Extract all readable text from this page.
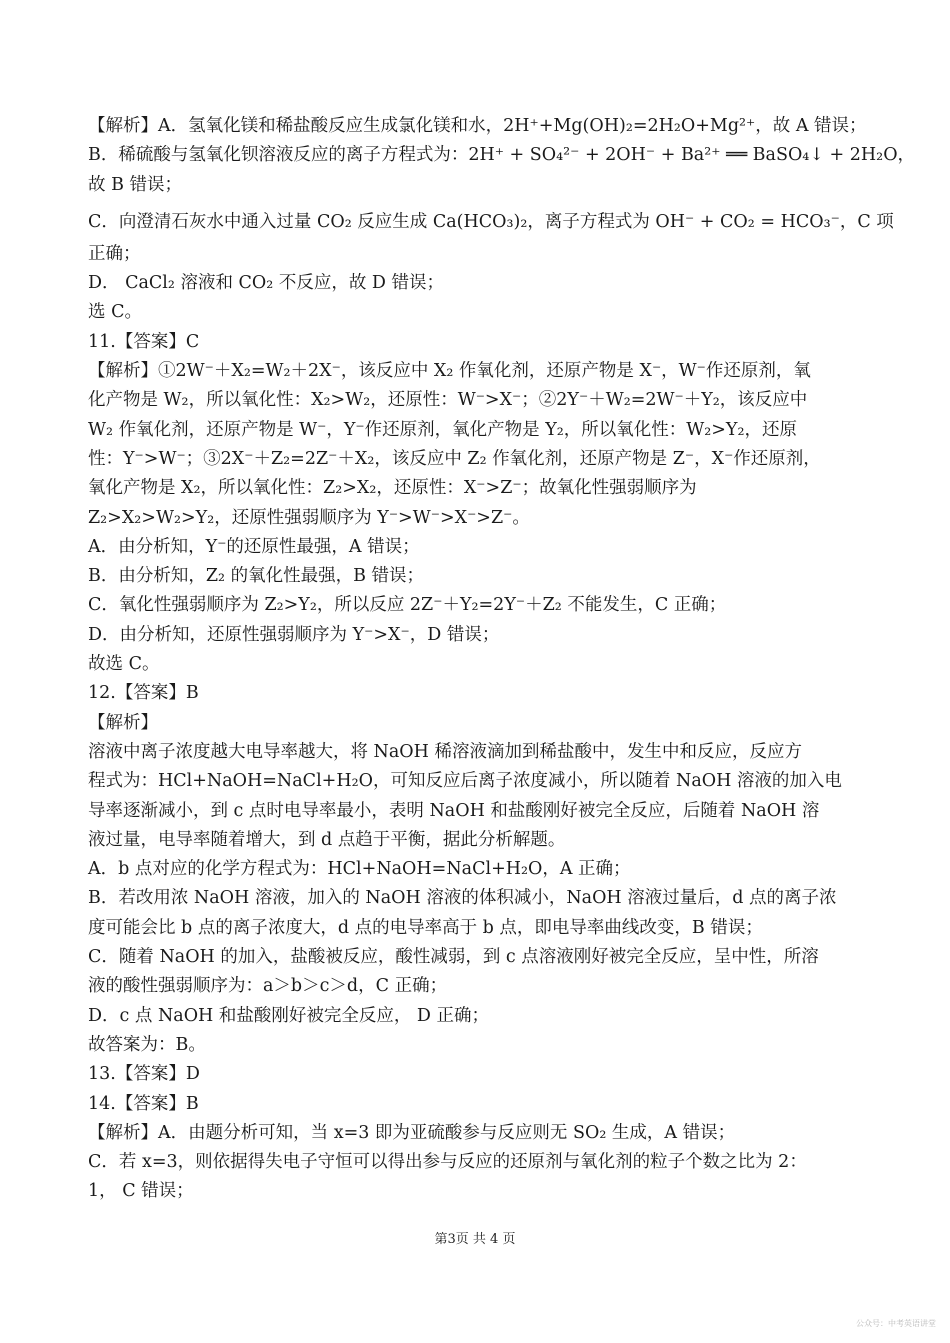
【解析】A．氢氧化镁和稀盐酸反应生成氯化镁和水，2H⁺+Mg(OH)₂=2H₂O+Mg²⁺，故 A 错误；
B．稀硫酸与氢氧化钡溶液反应的离子方程式为：2H⁺ + SO₄²⁻ + 2OH⁻ + Ba²⁺ ══ BaSO₄↓ + 2H₂O，
故 B 错误；
C．向澄清石灰水中通入过量 CO₂ 反应生成 Ca(HCO₃)₂，离子方程式为 OH⁻ + CO₂ = HCO₃⁻，C 项
正确；
D． CaCl₂ 溶液和 CO₂ 不反应，故 D 错误；
选 C。
11.【答案】C
【解析】①2W⁻＋X₂=W₂＋2X⁻，该反应中 X₂ 作氧化剂，还原产物是 X⁻，W⁻作还原剂，氧
化产物是 W₂，所以氧化性：X₂>W₂，还原性：W⁻>X⁻；②2Y⁻＋W₂=2W⁻＋Y₂，该反应中
W₂ 作氧化剂，还原产物是 W⁻，Y⁻作还原剂，氧化产物是 Y₂，所以氧化性：W₂>Y₂，还原
性：Y⁻>W⁻；③2X⁻＋Z₂=2Z⁻＋X₂，该反应中 Z₂ 作氧化剂，还原产物是 Z⁻，X⁻作还原剂，
氧化产物是 X₂，所以氧化性：Z₂>X₂，还原性：X⁻>Z⁻；故氧化性强弱顺序为
Z₂>X₂>W₂>Y₂，还原性强弱顺序为 Y⁻>W⁻>X⁻>Z⁻。
A．由分析知，Y⁻的还原性最强，A 错误；
B．由分析知，Z₂ 的氧化性最强，B 错误；
C．氧化性强弱顺序为 Z₂>Y₂，所以反应 2Z⁻＋Y₂=2Y⁻＋Z₂ 不能发生，C 正确；
D．由分析知，还原性强弱顺序为 Y⁻>X⁻，D 错误；
故选 C。
12.【答案】B
【解析】
溶液中离子浓度越大电导率越大，将 NaOH 稀溶液滴加到稀盐酸中，发生中和反应，反应方
程式为：HCl+NaOH=NaCl+H₂O，可知反应后离子浓度减小，所以随着 NaOH 溶液的加入电
导率逐渐减小，到 c 点时电导率最小，表明 NaOH 和盐酸刚好被完全反应，后随着 NaOH 溶
液过量，电导率随着增大，到 d 点趋于平衡，据此分析解题。
A．b 点对应的化学方程式为：HCl+NaOH=NaCl+H₂O，A 正确；
B．若改用浓 NaOH 溶液，加入的 NaOH 溶液的体积减小，NaOH 溶液过量后，d 点的离子浓
度可能会比 b 点的离子浓度大，d 点的电导率高于 b 点，即电导率曲线改变，B 错误；
C．随着 NaOH 的加入，盐酸被反应，酸性减弱，到 c 点溶液刚好被完全反应，呈中性，所溶
液的酸性强弱顺序为：a＞b＞c＞d，C 正确；
D．c 点 NaOH 和盐酸刚好被完全反应， D 正确；
故答案为：B。
13.【答案】D
14.【答案】B
【解析】A．由题分析可知，当 x=3 即为亚硫酸参与反应则无 SO₂ 生成，A 错误；
C．若 x=3，则依据得失电子守恒可以得出参与反应的还原剂与氧化剂的粒子个数之比为 2：
1， C 错误；
第3页 共 4 页
公众号：中考英语讲堂
